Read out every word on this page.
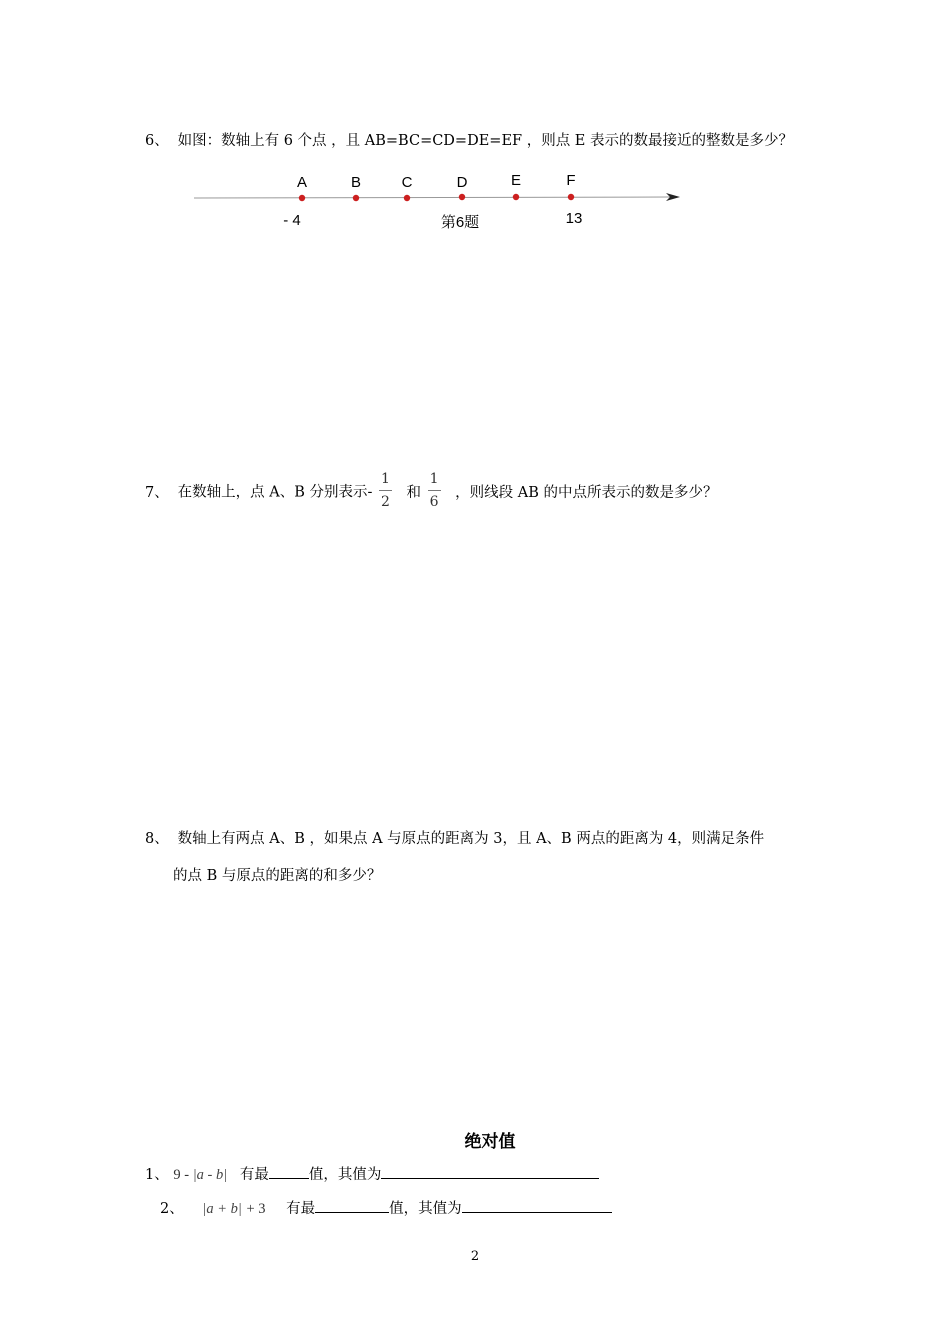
6、 如图：数轴上有 6 个点 ，且 AB=BC=CD=DE=EF ，则点 E 表示的数最接近的整数是多少？
A	B	C	D	E	F
- 4	第6题	13
7、 在数轴上，点 A、B 分别表示- $\frac{1}{2}$ 和 $\frac{1}{6}$ ，则线段 AB 的中点所表示的数是多少？
8、 数轴上有两点 A、B ，如果点 A 与原点的距离为 3，且 A、B 两点的距离为 4，则满足条件
的点 B 与原点的距离的和多少？
绝对值
1、 9 - |a - b| 有最	值，其值为
2、 |a + b| + 3 有最	值，其值为
2
